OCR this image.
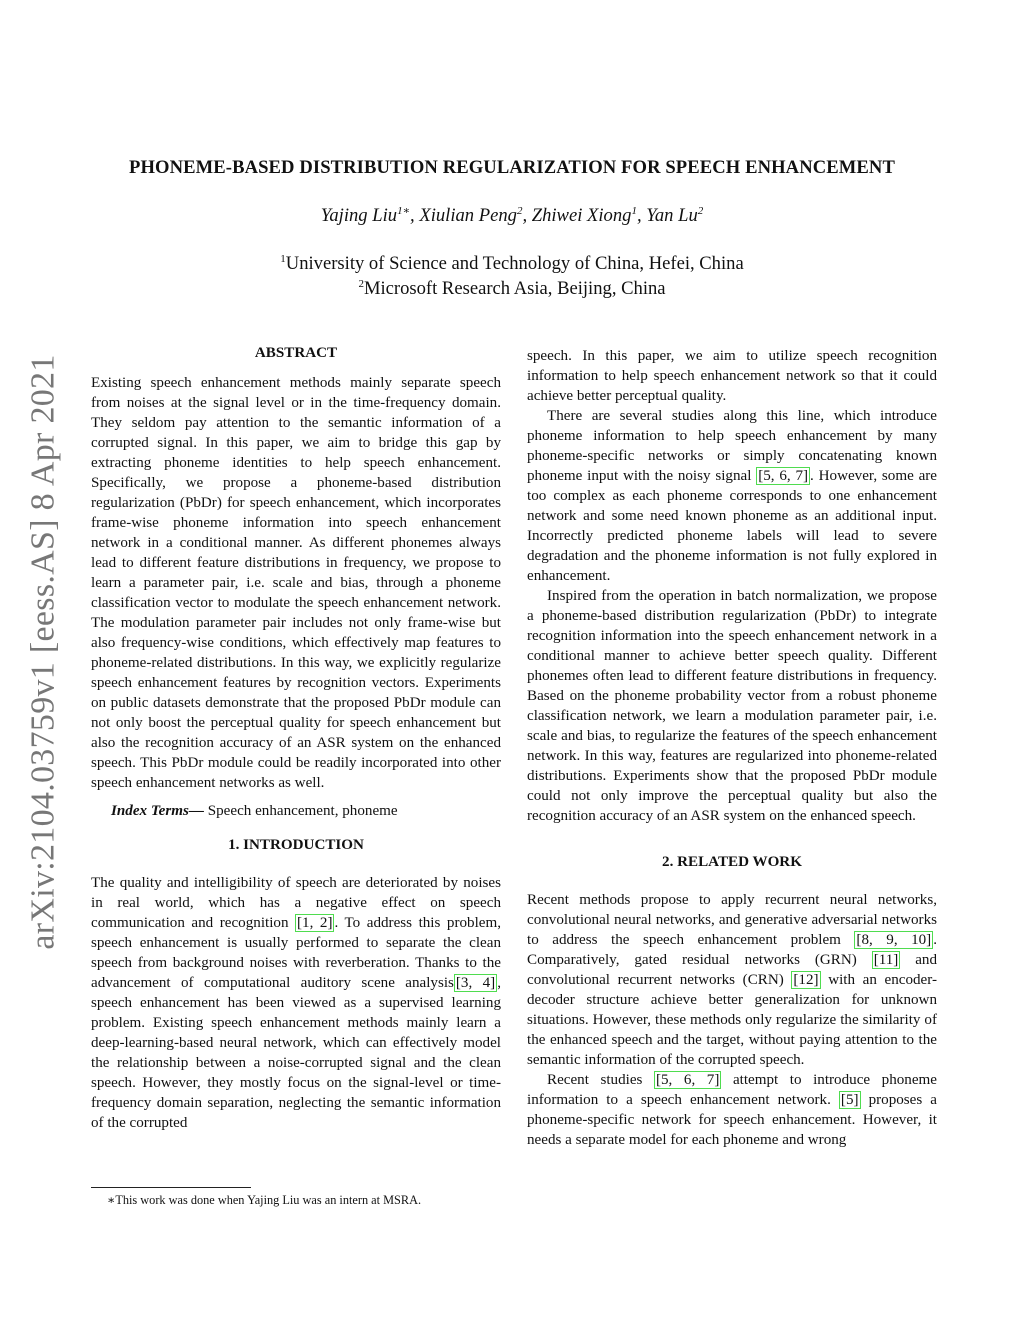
arXiv:2104.03759v1 [eess.AS] 8 Apr 2021
PHONEME-BASED DISTRIBUTION REGULARIZATION FOR SPEECH ENHANCEMENT
Yajing Liu$^{1∗}$, Xiulian Peng$^2$, Zhiwei Xiong$^1$, Yan Lu$^2$
$^1$University of Science and Technology of China, Hefei, China
$^2$Microsoft Research Asia, Beijing, China
ABSTRACT

Existing speech enhancement methods mainly separate speech from noises at the signal level or in the time-frequency domain. They seldom pay attention to the semantic information of a corrupted signal. In this paper, we aim to bridge this gap by extracting phoneme identities to help speech enhancement. Specifically, we propose a phoneme-based distribution regularization (PbDr) for speech enhancement, which incorporates frame-wise phoneme information into speech enhancement network in a conditional manner. As different phonemes always lead to different feature distributions in frequency, we propose to learn a parameter pair, i.e. scale and bias, through a phoneme classification vector to modulate the speech enhancement network. The modulation parameter pair includes not only frame-wise but also frequency-wise conditions, which effectively map features to phoneme-related distributions. In this way, we explicitly regularize speech enhancement features by recognition vectors. Experiments on public datasets demonstrate that the proposed PbDr module can not only boost the perceptual quality for speech enhancement but also the recognition accuracy of an ASR system on the enhanced speech. This PbDr module could be readily incorporated into other speech enhancement networks as well.

Index Terms— Speech enhancement, phoneme

1. INTRODUCTION

The quality and intelligibility of speech are deteriorated by noises in real world, which has a negative effect on speech communication and recognition [1, 2] . To address this problem, speech enhancement is usually performed to separate the clean speech from background noises with reverberation. Thanks to the advancement of computational auditory scene analysis [3, 4] , speech enhancement has been viewed as a supervised learning problem. Existing speech enhancement methods mainly learn a deep-learning-based neural network, which can effectively model the relationship between a noise-corrupted signal and the clean speech. However, they mostly focus on the signal-level or time-frequency domain separation, neglecting the semantic information of the corrupted

speech. In this paper, we aim to utilize speech recognition information to help speech enhancement network so that it could achieve better perceptual quality.

There are several studies along this line, which introduce phoneme information to help speech enhancement by many phoneme-specific networks or simply concatenating known phoneme input with the noisy signal [5, 6, 7] . However, some are too complex as each phoneme corresponds to one enhancement network and some need known phoneme as an additional input. Incorrectly predicted phoneme labels will lead to severe degradation and the phoneme information is not fully explored in enhancement.

Inspired from the operation in batch normalization, we propose a phoneme-based distribution regularization (PbDr) to integrate recognition information into the speech enhancement network in a conditional manner to achieve better speech quality. Different phonemes often lead to different feature distributions in frequency. Based on the phoneme probability vector from a robust phoneme classification network, we learn a modulation parameter pair, i.e. scale and bias, to regularize the features of the speech enhancement network. In this way, features are regularized into phoneme-related distributions. Experiments show that the proposed PbDr module could not only improve the perceptual quality but also the recognition accuracy of an ASR system on the enhanced speech.

2. RELATED WORK

Recent methods propose to apply recurrent neural networks, convolutional neural networks, and generative adversarial networks to address the speech enhancement problem [8, 9, 10] . Comparatively, gated residual networks (GRN) [11] and convolutional recurrent networks (CRN) [12] with an encoder-decoder structure achieve better generalization for unknown situations. However, these methods only regularize the similarity of the enhanced speech and the target, without paying attention to the semantic information of the corrupted speech.

Recent studies [5, 6, 7] attempt to introduce phoneme information to a speech enhancement network. [5] proposes a phoneme-specific network for speech enhancement. However, it needs a separate model for each phoneme and wrong

∗This work was done when Yajing Liu was an intern at MSRA.
